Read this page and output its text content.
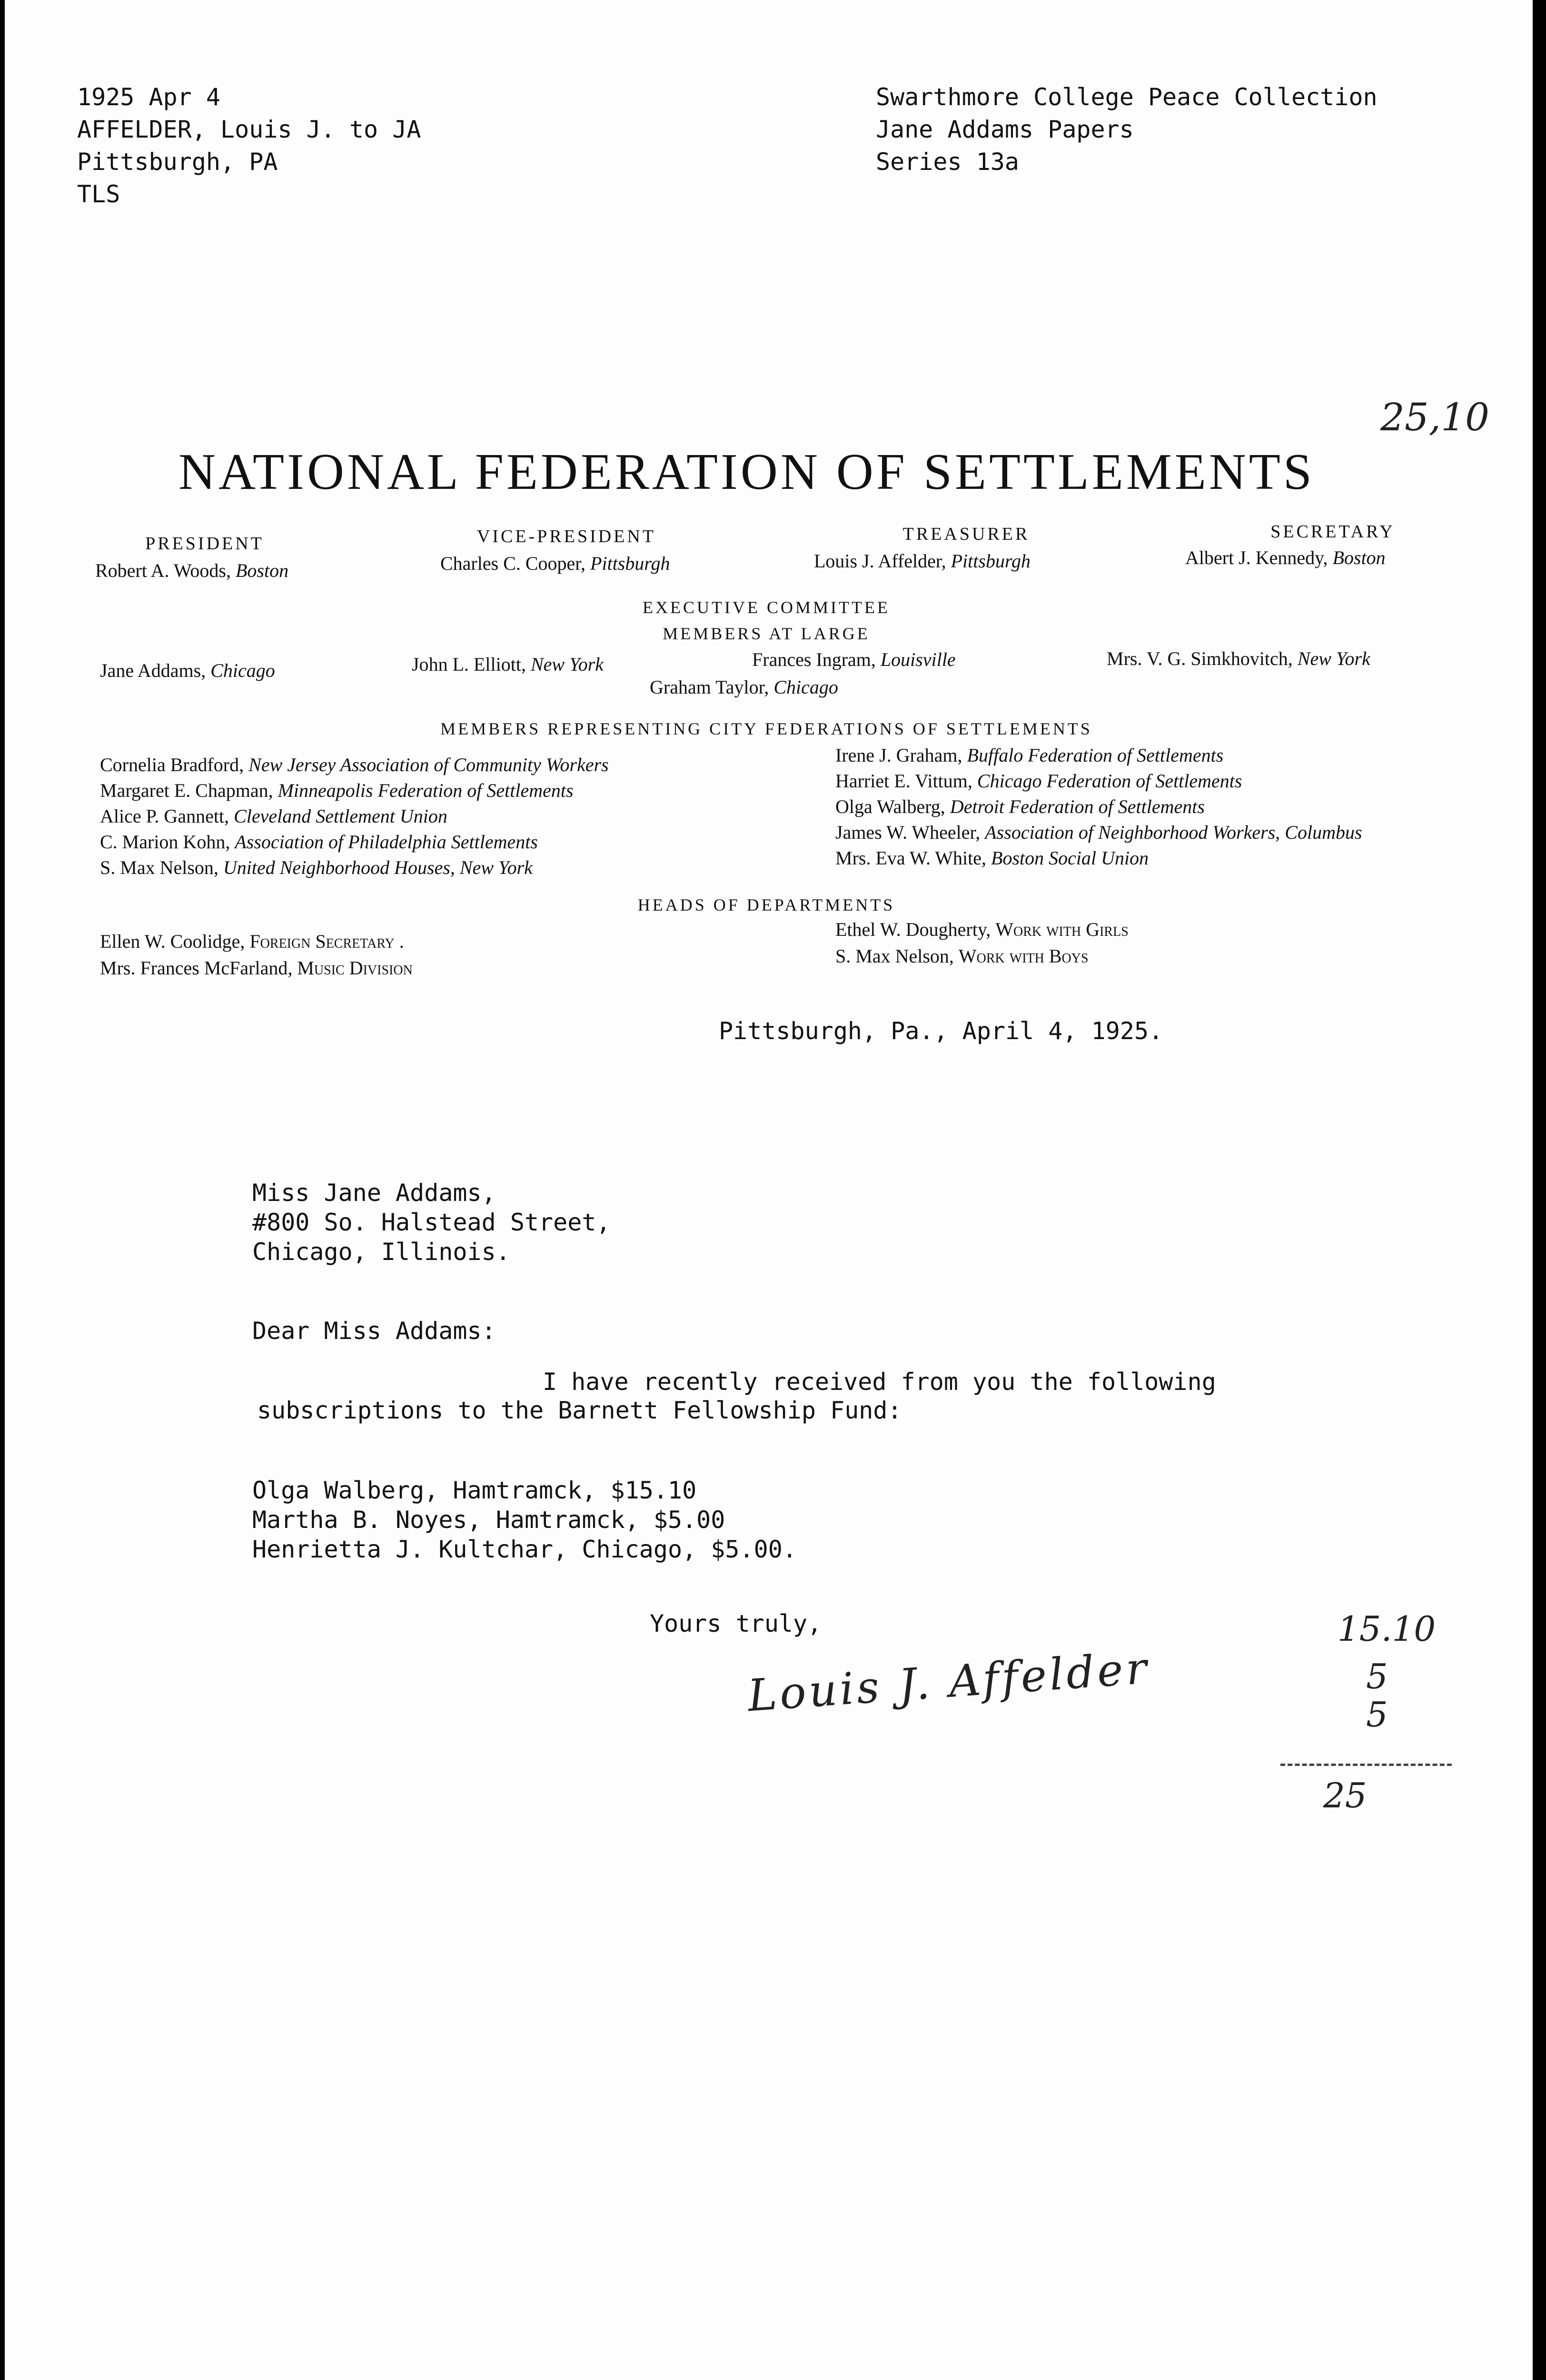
1925 Apr 4
AFFELDER, Louis J. to JA
Pittsburgh, PA
TLS
Swarthmore College Peace Collection
Jane Addams Papers
Series 13a
25,10
NATIONAL FEDERATION OF SETTLEMENTS
PRESIDENT
Robert A. Woods, Boston
VICE-PRESIDENT
Charles C. Cooper, Pittsburgh
TREASURER
Louis J. Affelder, Pittsburgh
SECRETARY
Albert J. Kennedy, Boston
EXECUTIVE COMMITTEE
MEMBERS AT LARGE
Jane Addams, Chicago	John L. Elliott, New York	Frances Ingram, Louisville	Mrs. V. G. Simkhovitch, New York
Graham Taylor, Chicago
MEMBERS REPRESENTING CITY FEDERATIONS OF SETTLEMENTS
Cornelia Bradford, New Jersey Association of Community Workers
Margaret E. Chapman, Minneapolis Federation of Settlements
Alice P. Gannett, Cleveland Settlement Union
C. Marion Kohn, Association of Philadelphia Settlements
S. Max Nelson, United Neighborhood Houses, New York
Irene J. Graham, Buffalo Federation of Settlements
Harriet E. Vittum, Chicago Federation of Settlements
Olga Walberg, Detroit Federation of Settlements
James W. Wheeler, Association of Neighborhood Workers, Columbus
Mrs. Eva W. White, Boston Social Union
HEADS OF DEPARTMENTS
Ellen W. Coolidge, Foreign Secretary .
Mrs. Frances McFarland, Music Division
Ethel W. Dougherty, Work with Girls
S. Max Nelson, Work with Boys
Pittsburgh, Pa., April 4, 1925.
Miss Jane Addams,
#800 So. Halstead Street,
Chicago, Illinois.
Dear Miss Addams:
I have recently received from you the following
subscriptions to the Barnett Fellowship Fund:
Olga Walberg, Hamtramck, $15.10
Martha B. Noyes, Hamtramck, $5.00
Henrietta J. Kultchar, Chicago, $5.00.
Yours truly,
Louis J. Affelder
15.10
5
5
25
